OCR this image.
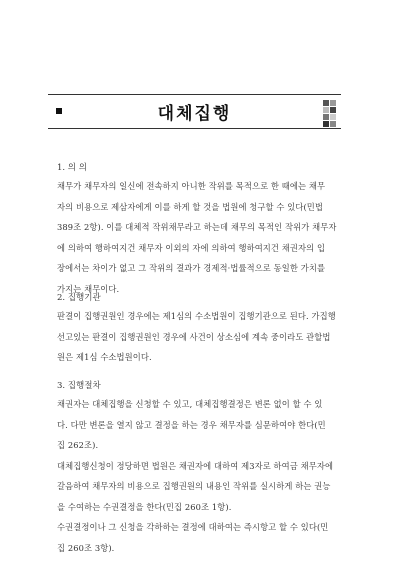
대체집행
1. 의 의
채무가 채무자의 일신에 전속하지 아니한 작위를 목적으로 한 때에는 채무
자의 비용으로 제삼자에게 이를 하게 할 것을 법원에 청구할 수 있다(민법
389조 2항). 이를 대체적 작위채무라고 하는데 채무의 목적인 작위가 채무자
에 의하여 행하여지건 채무자 이외의 자에 의하여 행하여지건 채권자의 입
장에서는 차이가 없고 그 작위의 결과가 경제적·법률적으로 동일한 가치를
가지는 채무이다.
2. 집행기관
판결이 집행권원인 경우에는 제1심의 수소법원이 집행기관으로 된다. 가집행
선고있는 판결이 집행권원인 경우에 사건이 상소심에 계속 중이라도 관할법
원은 제1심 수소법원이다.
3. 집행절차
채권자는 대체집행을 신청할 수 있고, 대체집행결정은 변론 없이 할 수 있
다. 다만 변론을 열지 않고 결정을 하는 경우 채무자를 심문하여야 한다(민
집 262조).
대체집행신청이 정당하면 법원은 채권자에 대하여 제3자로 하여금 채무자에
갈음하여 채무자의 비용으로 집행권원의 내용인 작위를 실시하게 하는 권능
을 수여하는 수권결정을 한다(민집 260조 1항).
수권결정이나 그 신청을 각하하는 결정에 대하여는 즉시항고 할 수 있다(민
집 260조 3항).
